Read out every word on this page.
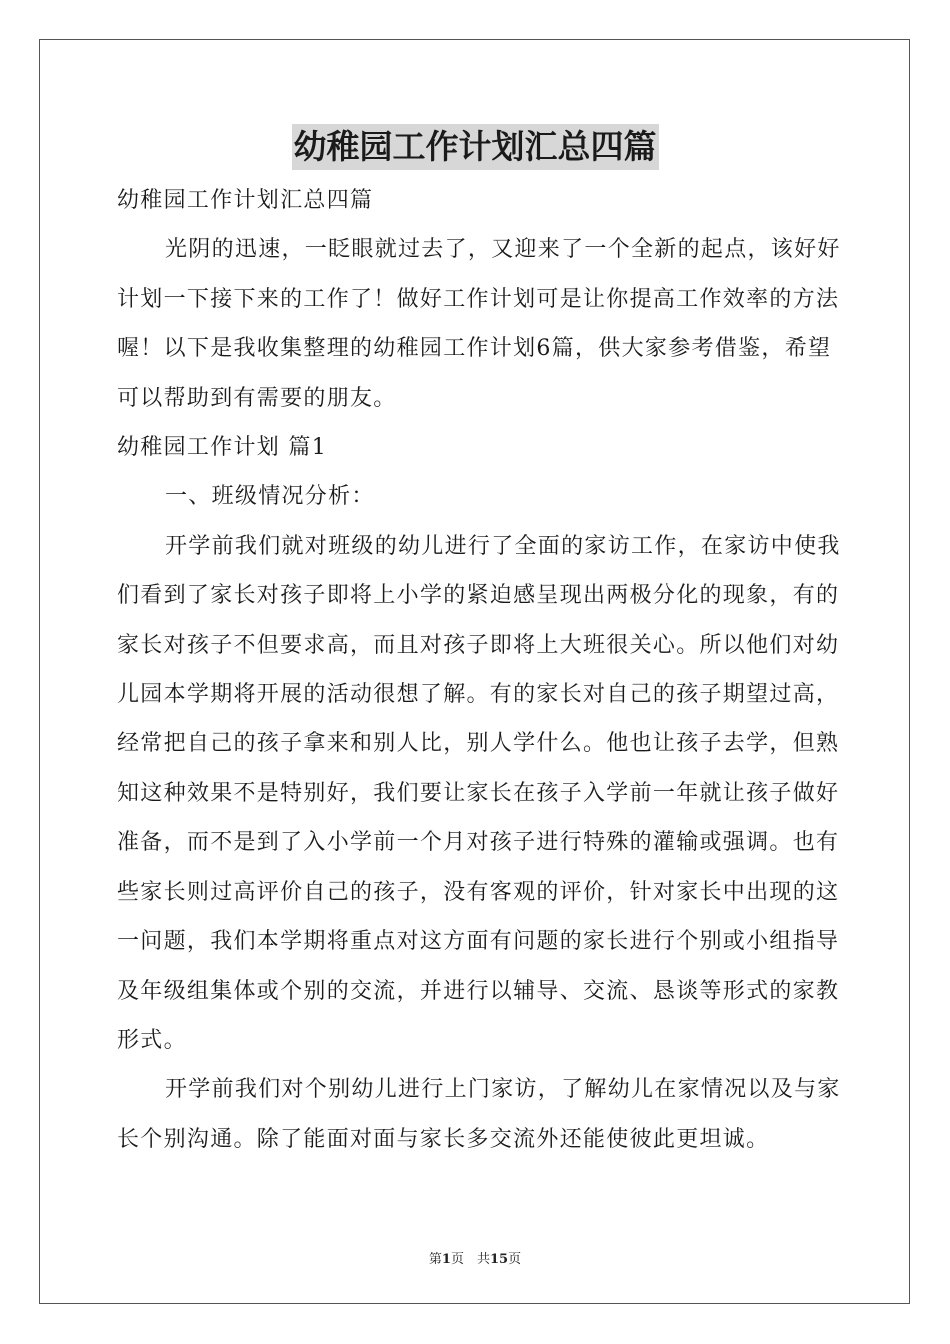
幼稚园工作计划汇总四篇

幼稚园工作计划汇总四篇

光阴的迅速，一眨眼就过去了，又迎来了一个全新的起点，该好好计划一下接下来的工作了！做好工作计划可是让你提高工作效率的方法喔！以下是我收集整理的幼稚园工作计划6篇，供大家参考借鉴，希望可以帮助到有需要的朋友。

幼稚园工作计划 篇1

一、班级情况分析：

开学前我们就对班级的幼儿进行了全面的家访工作，在家访中使我们看到了家长对孩子即将上小学的紧迫感呈现出两极分化的现象，有的家长对孩子不但要求高，而且对孩子即将上大班很关心。所以他们对幼儿园本学期将开展的活动很想了解。有的家长对自己的孩子期望过高，经常把自己的孩子拿来和别人比，别人学什么。他也让孩子去学，但熟知这种效果不是特别好，我们要让家长在孩子入学前一年就让孩子做好准备，而不是到了入小学前一个月对孩子进行特殊的灌输或强调。也有些家长则过高评价自己的孩子，没有客观的评价，针对家长中出现的这一问题，我们本学期将重点对这方面有问题的家长进行个别或小组指导及年级组集体或个别的交流，并进行以辅导、交流、恳谈等形式的家教形式。

开学前我们对个别幼儿进行上门家访，了解幼儿在家情况以及与家长个别沟通。除了能面对面与家长多交流外还能使彼此更坦诚。

第1页　共15页
